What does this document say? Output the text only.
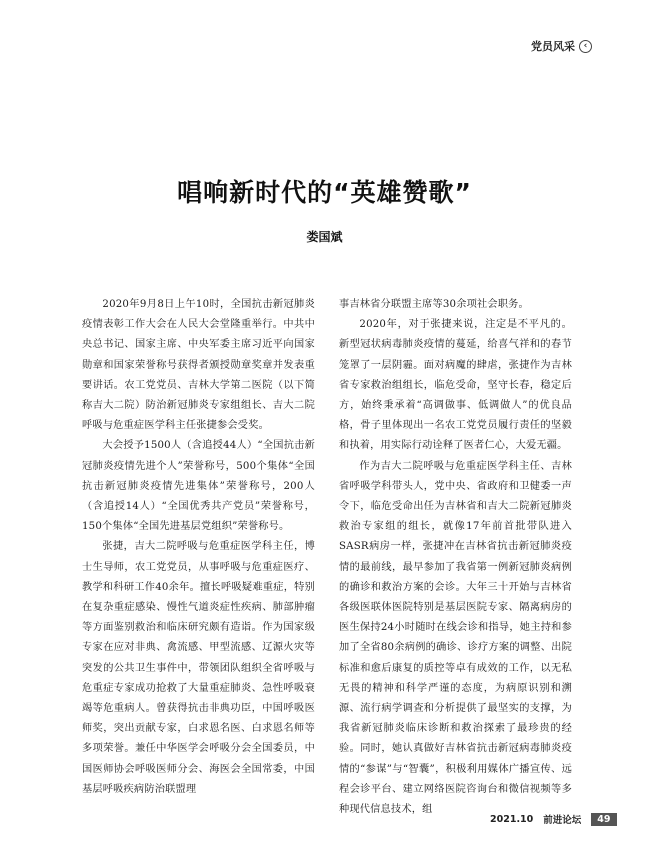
党员风采 ‹
唱响新时代的“英雄赞歌”
娄国斌

2020年9月8日上午10时，全国抗击新冠肺炎疫情表彰工作大会在人民大会堂隆重举行。中共中央总书记、国家主席、中央军委主席习近平向国家勋章和国家荣誉称号获得者颁授勋章奖章并发表重要讲话。农工党党员、吉林大学第二医院（以下简称吉大二院）防治新冠肺炎专家组组长、吉大二院呼吸与危重症医学科主任张捷参会受奖。

大会授予1500人（含追授44人）“全国抗击新冠肺炎疫情先进个人”荣誉称号，500个集体“全国抗击新冠肺炎疫情先进集体”荣誉称号，200人（含追授14人）“全国优秀共产党员”荣誉称号，150个集体“全国先进基层党组织”荣誉称号。

张捷，吉大二院呼吸与危重症医学科主任，博士生导师，农工党党员，从事呼吸与危重症医疗、教学和科研工作40余年。擅长呼吸疑难重症，特别在复杂重症感染、慢性气道炎症性疾病、肺部肿瘤等方面鉴别救治和临床研究颇有造诣。作为国家级专家在应对非典、禽流感、甲型流感、辽源火灾等突发的公共卫生事件中，带领团队组织全省呼吸与危重症专家成功抢救了大量重症肺炎、急性呼吸衰竭等危重病人。曾获得抗击非典功臣，中国呼吸医师奖，突出贡献专家，白求恩名医、白求恩名师等多项荣誉。兼任中华医学会呼吸分会全国委员，中国医师协会呼吸医师分会、海医会全国常委，中国基层呼吸疾病防治联盟理

事吉林省分联盟主席等30余项社会职务。

2020年，对于张捷来说，注定是不平凡的。新型冠状病毒肺炎疫情的蔓延，给喜气祥和的春节笼罩了一层阴霾。面对病魔的肆虐，张捷作为吉林省专家救治组组长，临危受命，坚守长春，稳定后方，始终秉承着“高调做事、低调做人”的优良品格，骨子里体现出一名农工党党员履行责任的坚毅和执着，用实际行动诠释了医者仁心，大爱无疆。

作为吉大二院呼吸与危重症医学科主任、吉林省呼吸学科带头人，党中央、省政府和卫健委一声令下，临危受命出任为吉林省和吉大二院新冠肺炎救治专家组的组长，就像17年前首批带队进入SASR病房一样，张捷冲在吉林省抗击新冠肺炎疫情的最前线，最早参加了我省第一例新冠肺炎病例的确诊和救治方案的会诊。大年三十开始与吉林省各级医联体医院特别是基层医院专家、隔离病房的医生保持24小时随时在线会诊和指导，她主持和参加了全省80余病例的确诊、诊疗方案的调整、出院标准和愈后康复的质控等卓有成效的工作，以无私无畏的精神和科学严谨的态度，为病原识别和溯源、流行病学调查和分析提供了最坚实的支撑，为我省新冠肺炎临床诊断和救治探索了最珍贵的经验。同时，她认真做好吉林省抗击新冠病毒肺炎疫情的“参谋”与“智囊”，积极利用媒体广播宣传、远程会诊平台、建立网络医院咨询台和微信视频等多种现代信息技术，组

2021.10 前进论坛	49
